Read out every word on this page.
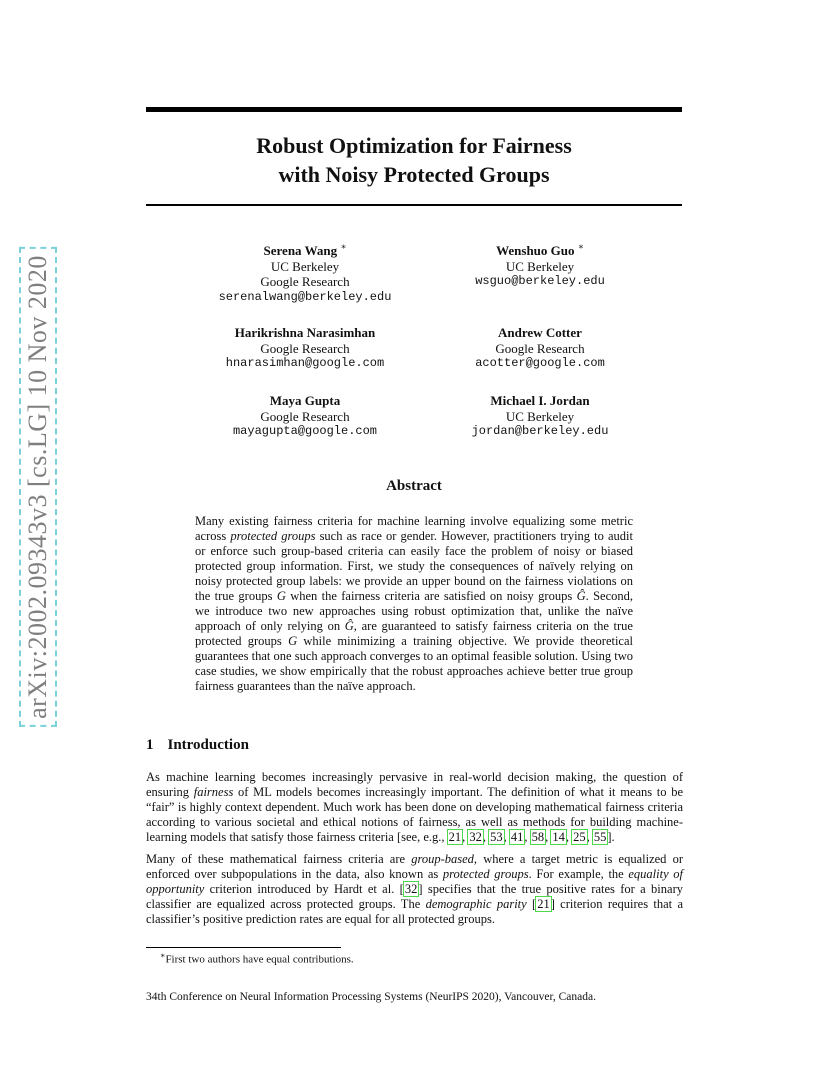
arXiv:2002.09343v3 [cs.LG] 10 Nov 2020
Robust Optimization for Fairness
with Noisy Protected Groups
Serena Wang ∗
UC Berkeley
Google Research
serenalwang@berkeley.edu
Wenshuo Guo ∗
UC Berkeley
wsguo@berkeley.edu
Harikrishna Narasimhan
Google Research
hnarasimhan@google.com
Andrew Cotter
Google Research
acotter@google.com
Maya Gupta
Google Research
mayagupta@google.com
Michael I. Jordan
UC Berkeley
jordan@berkeley.edu
Abstract

Many existing fairness criteria for machine learning involve equalizing some metric across protected groups such as race or gender. However, practitioners trying to audit or enforce such group-based criteria can easily face the problem of noisy or biased protected group information. First, we study the consequences of naïvely relying on noisy protected group labels: we provide an upper bound on the fairness violations on the true groups G when the fairness criteria are satisfied on noisy groups Ĝ. Second, we introduce two new approaches using robust optimization that, unlike the naïve approach of only relying on Ĝ, are guaranteed to satisfy fairness criteria on the true protected groups G while minimizing a training objective. We provide theoretical guarantees that one such approach converges to an optimal feasible solution. Using two case studies, we show empirically that the robust approaches achieve better true group fairness guarantees than the naïve approach.

1 Introduction

As machine learning becomes increasingly pervasive in real-world decision making, the question of ensuring fairness of ML models becomes increasingly important. The definition of what it means to be “fair” is highly context dependent. Much work has been done on developing mathematical fairness criteria according to various societal and ethical notions of fairness, as well as methods for building machine-learning models that satisfy those fairness criteria [see, e.g., 21, 32, 53, 41, 58, 14, 25, 55].

Many of these mathematical fairness criteria are group-based, where a target metric is equalized or enforced over subpopulations in the data, also known as protected groups. For example, the equality of opportunity criterion introduced by Hardt et al. [32] specifies that the true positive rates for a binary classifier are equalized across protected groups. The demographic parity [21] criterion requires that a classifier’s positive prediction rates are equal for all protected groups.

∗First two authors have equal contributions.
34th Conference on Neural Information Processing Systems (NeurIPS 2020), Vancouver, Canada.
